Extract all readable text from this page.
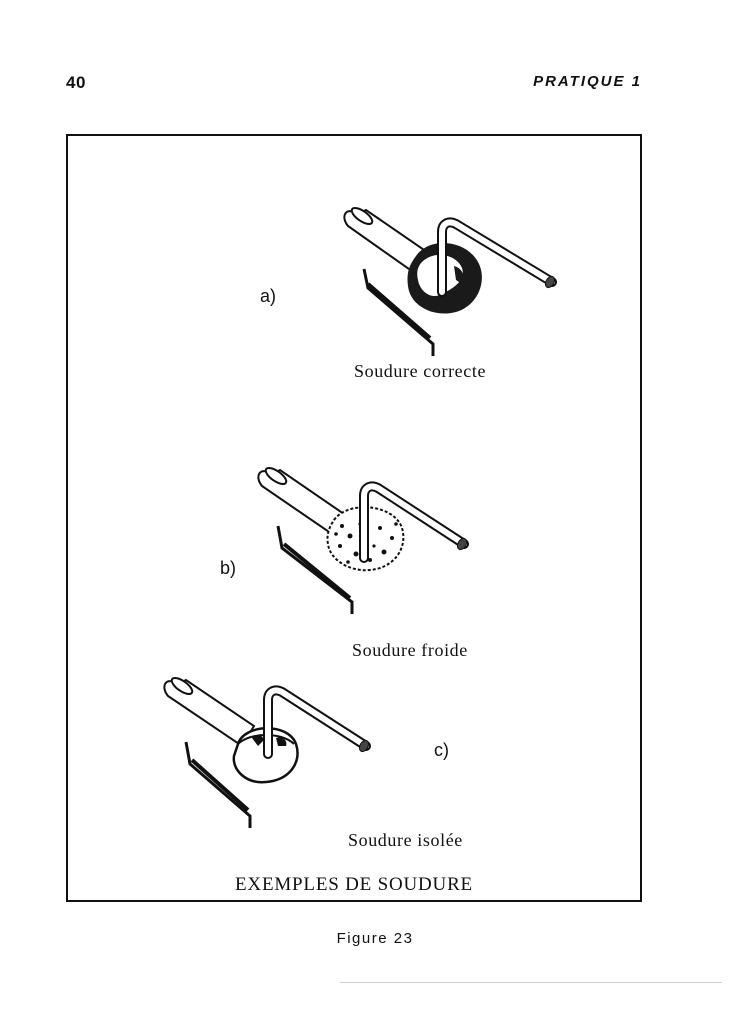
40	PRATIQUE 1
a)
Soudure correcte
b)
Soudure froide
c)
Soudure isolée
EXEMPLES DE SOUDURE
Figure 23
